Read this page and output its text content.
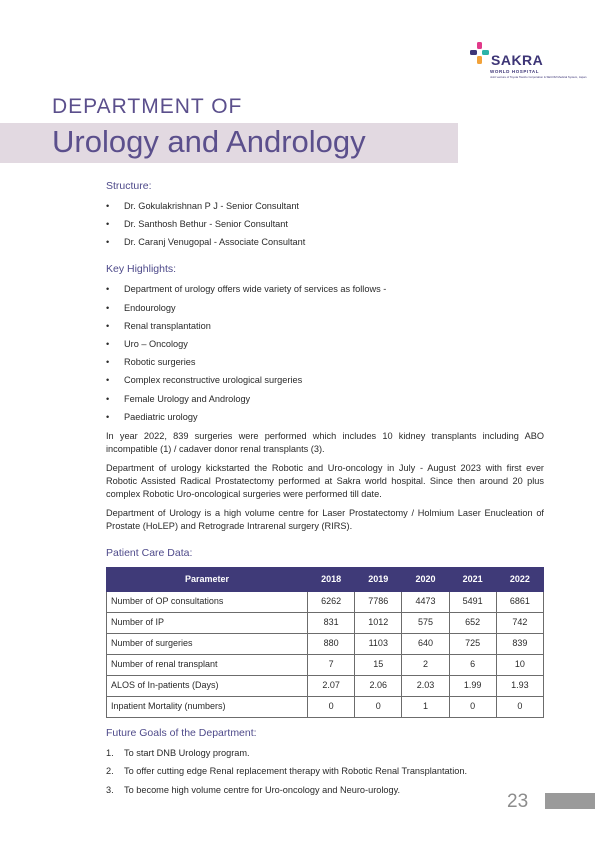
SAKRA
WORLD HOSPITAL
Joint venture of Toyota Tsusho Corporation & SECOM Medical System, Japan
DEPARTMENT OF
Urology and Andrology
Structure:
• Dr. Gokulakrishnan P J - Senior Consultant
• Dr. Santhosh Bethur - Senior Consultant
• Dr. Caranj Venugopal - Associate Consultant
Key Highlights:
• Department of urology offers wide variety of services as follows -
• Endourology
• Renal transplantation
• Uro – Oncology
• Robotic surgeries
• Complex reconstructive urological surgeries
• Female Urology and Andrology
• Paediatric urology

In year 2022, 839 surgeries were performed which includes 10 kidney transplants including ABO incompatible (1) / cadaver donor renal transplants (3).

Department of urology kickstarted the Robotic and Uro-oncology in July - August 2023 with first ever Robotic Assisted Radical Prostatectomy performed at Sakra world hospital. Since then around 20 plus complex Robotic Uro-oncological surgeries were performed till date.

Department of Urology is a high volume centre for Laser Prostatectomy / Holmium Laser Enucleation of Prostate (HoLEP) and Retrograde Intrarenal surgery (RIRS).

Patient Care Data:
Parameter	2018	2019	2020	2021	2022
Number of OP consultations	6262	7786	4473	5491	6861
Number of IP	831	1012	575	652	742
Number of surgeries	880	1103	640	725	839
Number of renal transplant	7	15	2	6	10
ALOS of In-patients (Days)	2.07	2.06	2.03	1.99	1.93
Inpatient Mortality (numbers)	0	0	1	0	0
Future Goals of the Department:
1. To start DNB Urology program.
2. To offer cutting edge Renal replacement therapy with Robotic Renal Transplantation.
3. To become high volume centre for Uro-oncology and Neuro-urology.
23
